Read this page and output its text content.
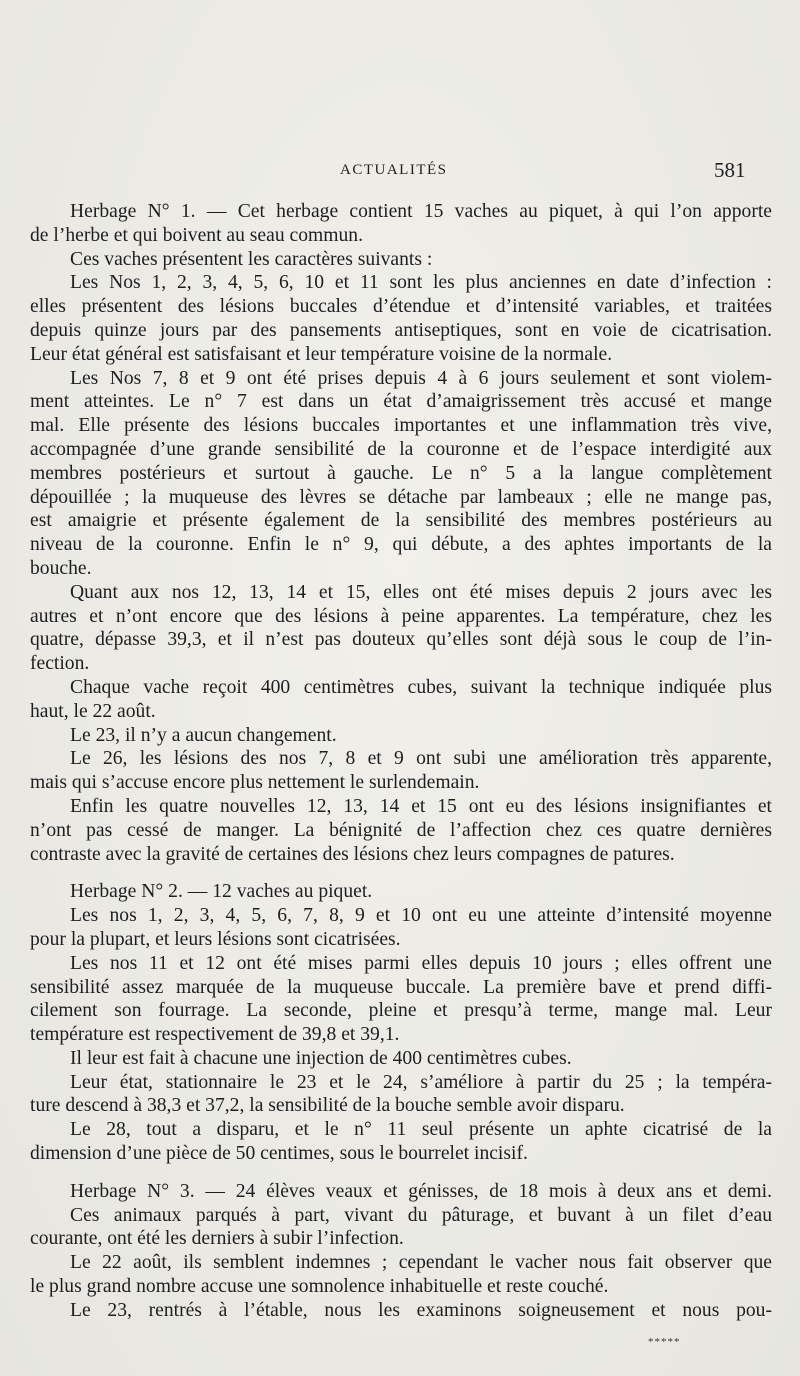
ACTUALITÉS	581
Herbage N° 1. — Cet herbage contient 15 vaches au piquet, à qui l’on apporte
de l’herbe et qui boivent au seau commun.
Ces vaches présentent les caractères suivants :
Les Nos 1, 2, 3, 4, 5, 6, 10 et 11 sont les plus anciennes en date d’infection :
elles présentent des lésions buccales d’étendue et d’intensité variables, et traitées
depuis quinze jours par des pansements antiseptiques, sont en voie de cicatrisation.
Leur état général est satisfaisant et leur température voisine de la normale.
Les Nos 7, 8 et 9 ont été prises depuis 4 à 6 jours seulement et sont violem-
ment atteintes. Le n° 7 est dans un état d’amaigrissement très accusé et mange
mal. Elle présente des lésions buccales importantes et une inflammation très vive,
accompagnée d’une grande sensibilité de la couronne et de l’espace interdigité aux
membres postérieurs et surtout à gauche. Le n° 5 a la langue complètement
dépouillée ; la muqueuse des lèvres se détache par lambeaux ; elle ne mange pas,
est amaigrie et présente également de la sensibilité des membres postérieurs au
niveau de la couronne. Enfin le n° 9, qui débute, a des aphtes importants de la
bouche.
Quant aux nos 12, 13, 14 et 15, elles ont été mises depuis 2 jours avec les
autres et n’ont encore que des lésions à peine apparentes. La température, chez les
quatre, dépasse 39,3, et il n’est pas douteux qu’elles sont déjà sous le coup de l’in-
fection.
Chaque vache reçoit 400 centimètres cubes, suivant la technique indiquée plus
haut, le 22 août.
Le 23, il n’y a aucun changement.
Le 26, les lésions des nos 7, 8 et 9 ont subi une amélioration très apparente,
mais qui s’accuse encore plus nettement le surlendemain.
Enfin les quatre nouvelles 12, 13, 14 et 15 ont eu des lésions insignifiantes et
n’ont pas cessé de manger. La bénignité de l’affection chez ces quatre dernières
contraste avec la gravité de certaines des lésions chez leurs compagnes de patures.
Herbage N° 2. — 12 vaches au piquet.
Les nos 1, 2, 3, 4, 5, 6, 7, 8, 9 et 10 ont eu une atteinte d’intensité moyenne
pour la plupart, et leurs lésions sont cicatrisées.
Les nos 11 et 12 ont été mises parmi elles depuis 10 jours ; elles offrent une
sensibilité assez marquée de la muqueuse buccale. La première bave et prend diffi-
cilement son fourrage. La seconde, pleine et presqu’à terme, mange mal. Leur
température est respectivement de 39,8 et 39,1.
Il leur est fait à chacune une injection de 400 centimètres cubes.
Leur état, stationnaire le 23 et le 24, s’améliore à partir du 25 ; la tempéra-
ture descend à 38,3 et 37,2, la sensibilité de la bouche semble avoir disparu.
Le 28, tout a disparu, et le n° 11 seul présente un aphte cicatrisé de la
dimension d’une pièce de 50 centimes, sous le bourrelet incisif.
Herbage N° 3. — 24 élèves veaux et génisses, de 18 mois à deux ans et demi.
Ces animaux parqués à part, vivant du pâturage, et buvant à un filet d’eau
courante, ont été les derniers à subir l’infection.
Le 22 août, ils semblent indemnes ; cependant le vacher nous fait observer que
le plus grand nombre accuse une somnolence inhabituelle et reste couché.
Le 23, rentrés à l’étable, nous les examinons soigneusement et nous pou-
*****
